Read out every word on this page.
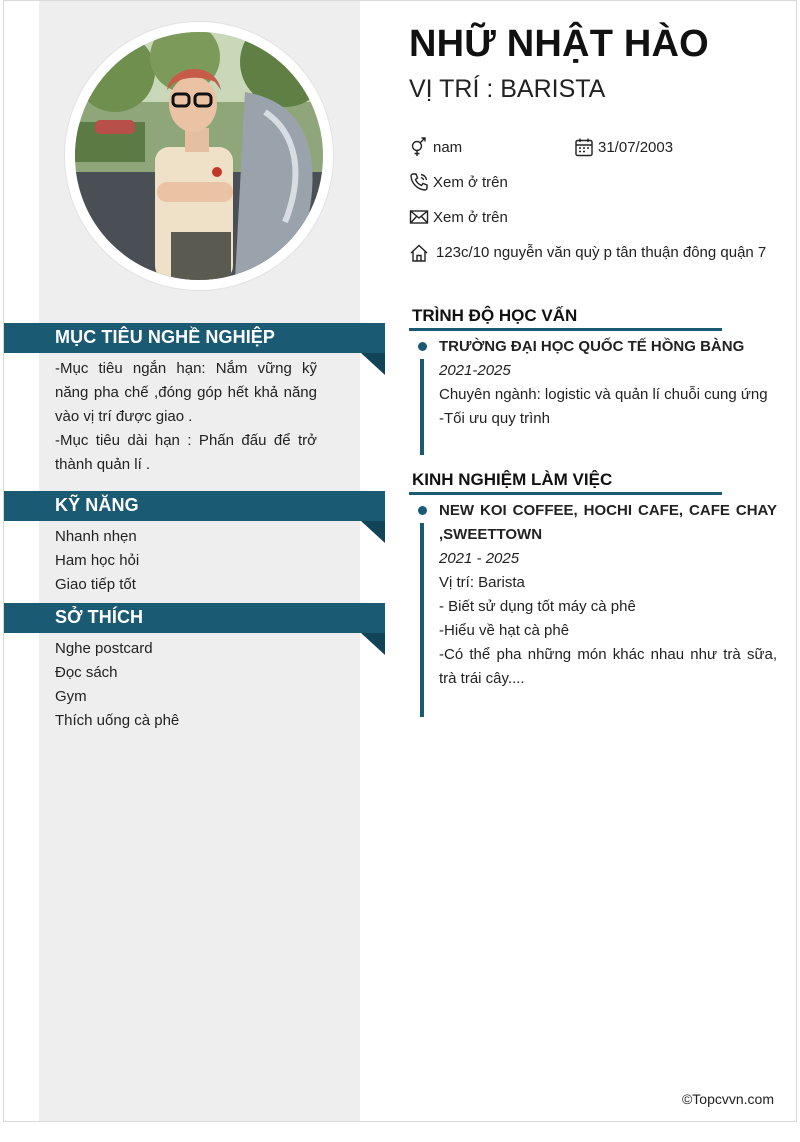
MỤC TIÊU NGHỀ NGHIỆP
-Mục tiêu ngắn hạn: Nắm vững kỹ năng pha chế ,đóng góp hết khả năng vào vị trí được giao .
-Mục tiêu dài hạn : Phấn đấu để trở thành quản lí .
KỸ NĂNG
Nhanh nhẹn
Ham học hỏi
Giao tiếp tốt
SỞ THÍCH
Nghe postcard
Đọc sách
Gym
Thích uống cà phê
NHỮ NHẬT HÀO
VỊ TRÍ : BARISTA
nam	31/07/2003
Xem ở trên
Xem ở trên
123c/10 nguyễn văn quỳ p tân thuận đông quận 7
TRÌNH ĐỘ HỌC VẤN
TRƯỜNG ĐẠI HỌC QUỐC TẾ HỒNG BÀNG
2021-2025
Chuyên ngành: logistic và quản lí chuỗi cung ứng
-Tối ưu quy trình
KINH NGHIỆM LÀM VIỆC
NEW KOI COFFEE, HOCHI CAFE, CAFE CHAY ,SWEETTOWN
2021 - 2025
Vị trí: Barista
- Biết sử dụng tốt máy cà phê
-Hiểu về hạt cà phê
-Có thể pha những món khác nhau như trà sữa, trà trái cây....
©Topcvvn.com
